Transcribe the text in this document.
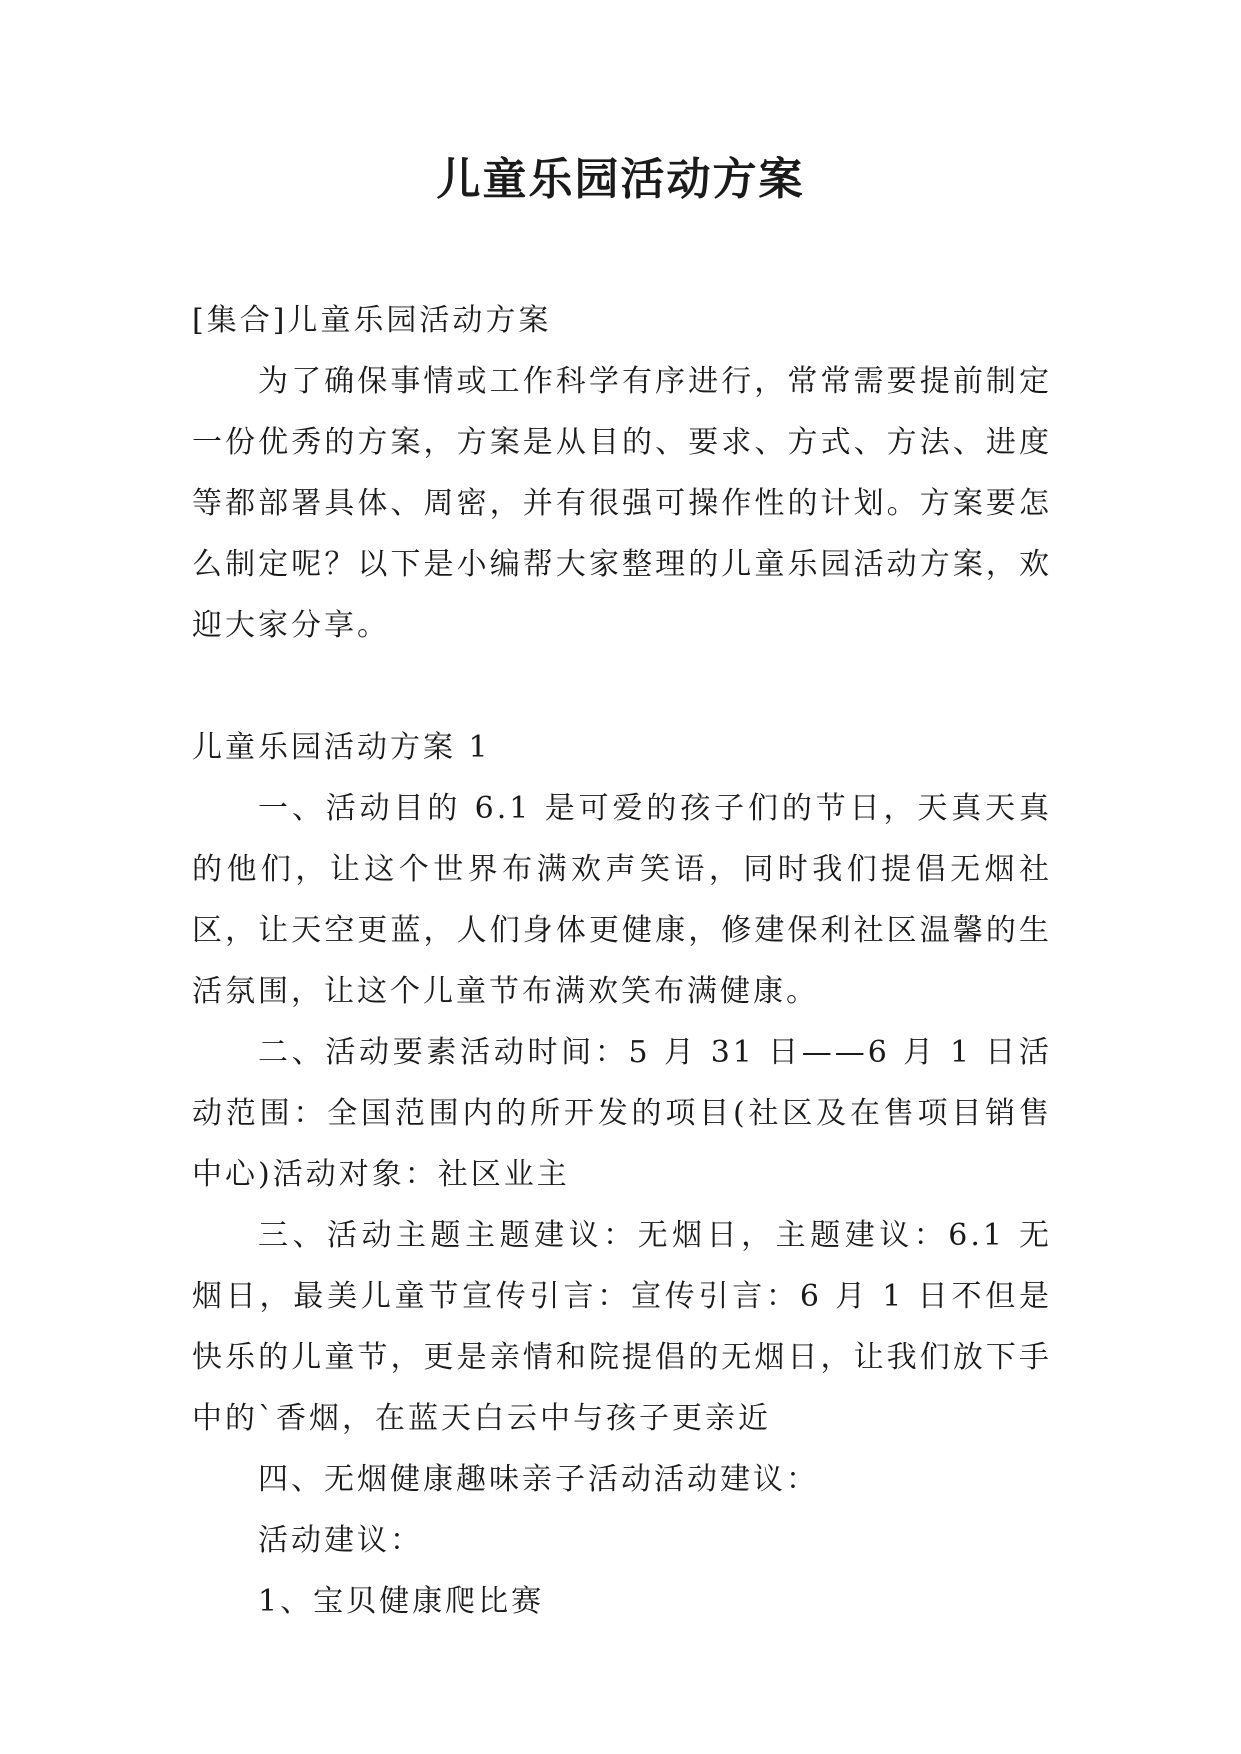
儿童乐园活动方案

[集合]儿童乐园活动方案

为了确保事情或工作科学有序进行，常常需要提前制定一份优秀的方案，方案是从目的、要求、方式、方法、进度等都部署具体、周密，并有很强可操作性的计划。方案要怎么制定呢？以下是小编帮大家整理的儿童乐园活动方案，欢迎大家分享。

儿童乐园活动方案 1

一、活动目的 6.1 是可爱的孩子们的节日，天真天真的他们，让这个世界布满欢声笑语，同时我们提倡无烟社区，让天空更蓝，人们身体更健康，修建保利社区温馨的生活氛围，让这个儿童节布满欢笑布满健康。

二、活动要素活动时间：5 月 31 日——6 月 1 日活动范围：全国范围内的所开发的项目(社区及在售项目销售中心)活动对象：社区业主

三、活动主题主题建议：无烟日，主题建议：6.1 无烟日，最美儿童节宣传引言：宣传引言：6 月 1 日不但是快乐的儿童节，更是亲情和院提倡的无烟日，让我们放下手中的`香烟，在蓝天白云中与孩子更亲近

四、无烟健康趣味亲子活动活动建议：

活动建议：

1、宝贝健康爬比赛
